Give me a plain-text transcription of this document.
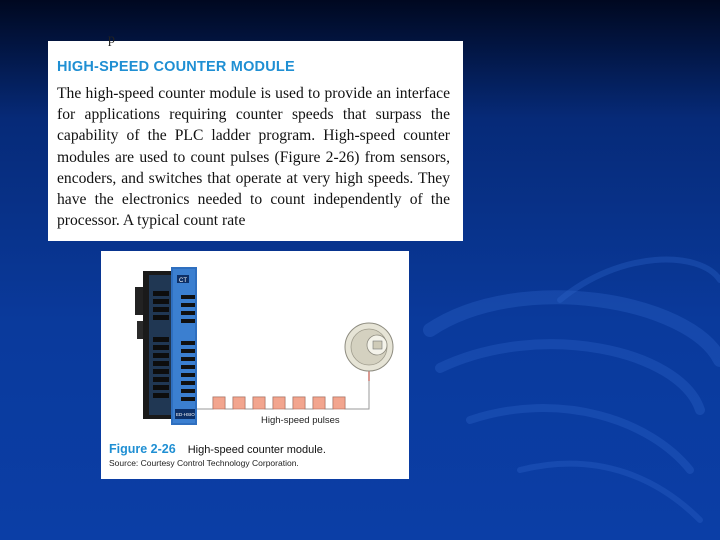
p
HIGH-SPEED COUNTER MODULE
The high-speed counter module is used to provide an interface for applications requiring counter speeds that surpass the capability of the PLC ladder program. High-speed counter modules are used to count pulses (Figure 2-26) from sensors, encoders, and switches that operate at very high speeds. They have the electronics needed to count independently of the processor. A typical count rate
CT
ED-HSIO
High-speed pulses
Figure 2-26 High-speed counter module.
Source: Courtesy Control Technology Corporation.
